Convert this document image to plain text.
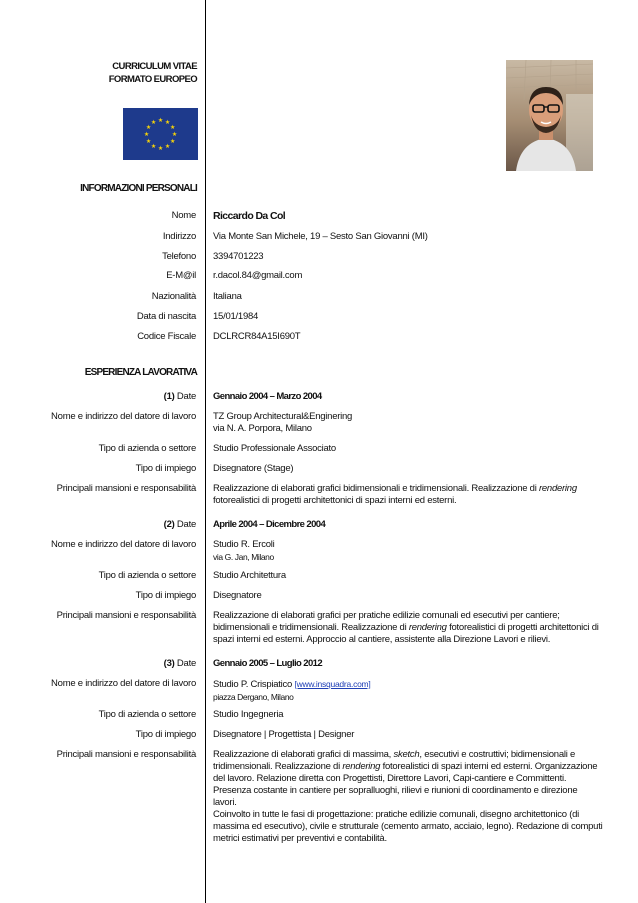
CURRICULUM VITAE
FORMATO EUROPEO
★ ★
★
★
★
★
★
★
★
★
★
★
INFORMAZIONI PERSONALI
Nome Riccardo Da Col
Indirizzo Via Monte San Michele, 19 – Sesto San Giovanni (MI)
Telefono 3394701223
E-M@il r.dacol.84@gmail.com
Nazionalità Italiana
Data di nascita 15/01/1984
Codice Fiscale DCLRCR84A15I690T
ESPERIENZA LAVORATIVA
(1) Date Gennaio 2004 – Marzo 2004
Nome e indirizzo del datore di lavoro TZ Group Architectural&Enginering
via N. A. Porpora, Milano
Tipo di azienda o settore Studio Professionale Associato
Tipo di impiego Disegnatore (Stage)
Principali mansioni e responsabilità Realizzazione di elaborati grafici bidimensionali e tridimensionali. Realizzazione di rendering fotorealistici di progetti architettonici di spazi interni ed esterni.
(2) Date Aprile 2004 – Dicembre 2004
Nome e indirizzo del datore di lavoro Studio R. Ercoli
via G. Jan, Milano
Tipo di azienda o settore Studio Architettura
Tipo di impiego Disegnatore
Principali mansioni e responsabilità Realizzazione di elaborati grafici per pratiche edilizie comunali ed esecutivi per cantiere; bidimensionali e tridimensionali. Realizzazione di rendering fotorealistici di progetti architettonici di spazi interni ed esterni. Approccio al cantiere, assistente alla Direzione Lavori e rilievi.
(3) Date Gennaio 2005 – Luglio 2012
Nome e indirizzo del datore di lavoro Studio P. Crispiatico [www.insquadra.com]
piazza Dergano, Milano
Tipo di azienda o settore Studio Ingegneria
Tipo di impiego Disegnatore | Progettista | Designer
Principali mansioni e responsabilità Realizzazione di elaborati grafici di massima, sketch, esecutivi e costruttivi; bidimensionali e tridimensionali. Realizzazione di rendering fotorealistici di spazi interni ed esterni. Organizzazione del lavoro. Relazione diretta con Progettisti, Direttore Lavori, Capi-cantiere e Committenti. Presenza costante in cantiere per sopralluoghi, rilievi e riunioni di coordinamento e direzione lavori.
Coinvolto in tutte le fasi di progettazione: pratiche edilizie comunali, disegno architettonico (di massima ed esecutivo), civile e strutturale (cemento armato, acciaio, legno). Redazione di computi metrici estimativi per preventivi e contabilità.
